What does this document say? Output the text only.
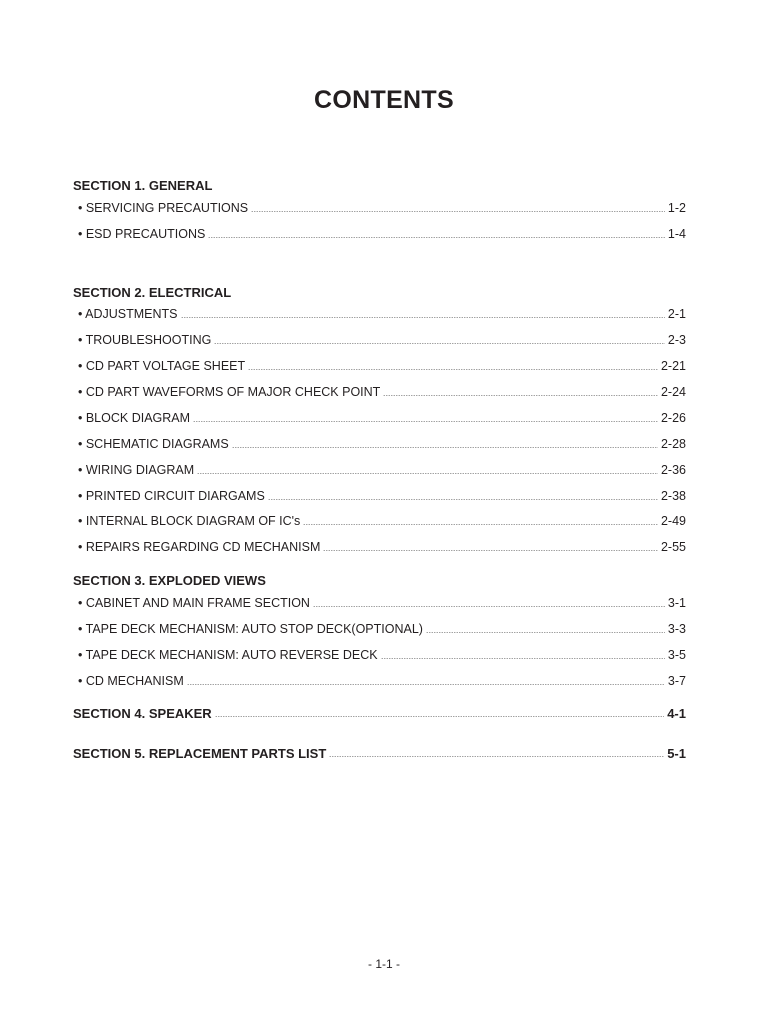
CONTENTS
SECTION 1. GENERAL
• SERVICING PRECAUTIONS	1-2
• ESD PRECAUTIONS	1-4
SECTION 2. ELECTRICAL
• ADJUSTMENTS	2-1
• TROUBLESHOOTING	2-3
• CD PART VOLTAGE SHEET	2-21
• CD PART WAVEFORMS OF MAJOR CHECK POINT	2-24
• BLOCK DIAGRAM	2-26
• SCHEMATIC DIAGRAMS	2-28
• WIRING DIAGRAM	2-36
• PRINTED CIRCUIT DIARGAMS	2-38
• INTERNAL BLOCK DIAGRAM OF IC's	2-49
• REPAIRS REGARDING CD MECHANISM	2-55
SECTION 3. EXPLODED VIEWS
• CABINET AND MAIN FRAME SECTION	3-1
• TAPE DECK MECHANISM: AUTO STOP DECK(OPTIONAL)	3-3
• TAPE DECK MECHANISM: AUTO REVERSE DECK	3-5
• CD MECHANISM	3-7
SECTION 4. SPEAKER	4-1
SECTION 5. REPLACEMENT PARTS LIST	5-1
- 1-1 -
